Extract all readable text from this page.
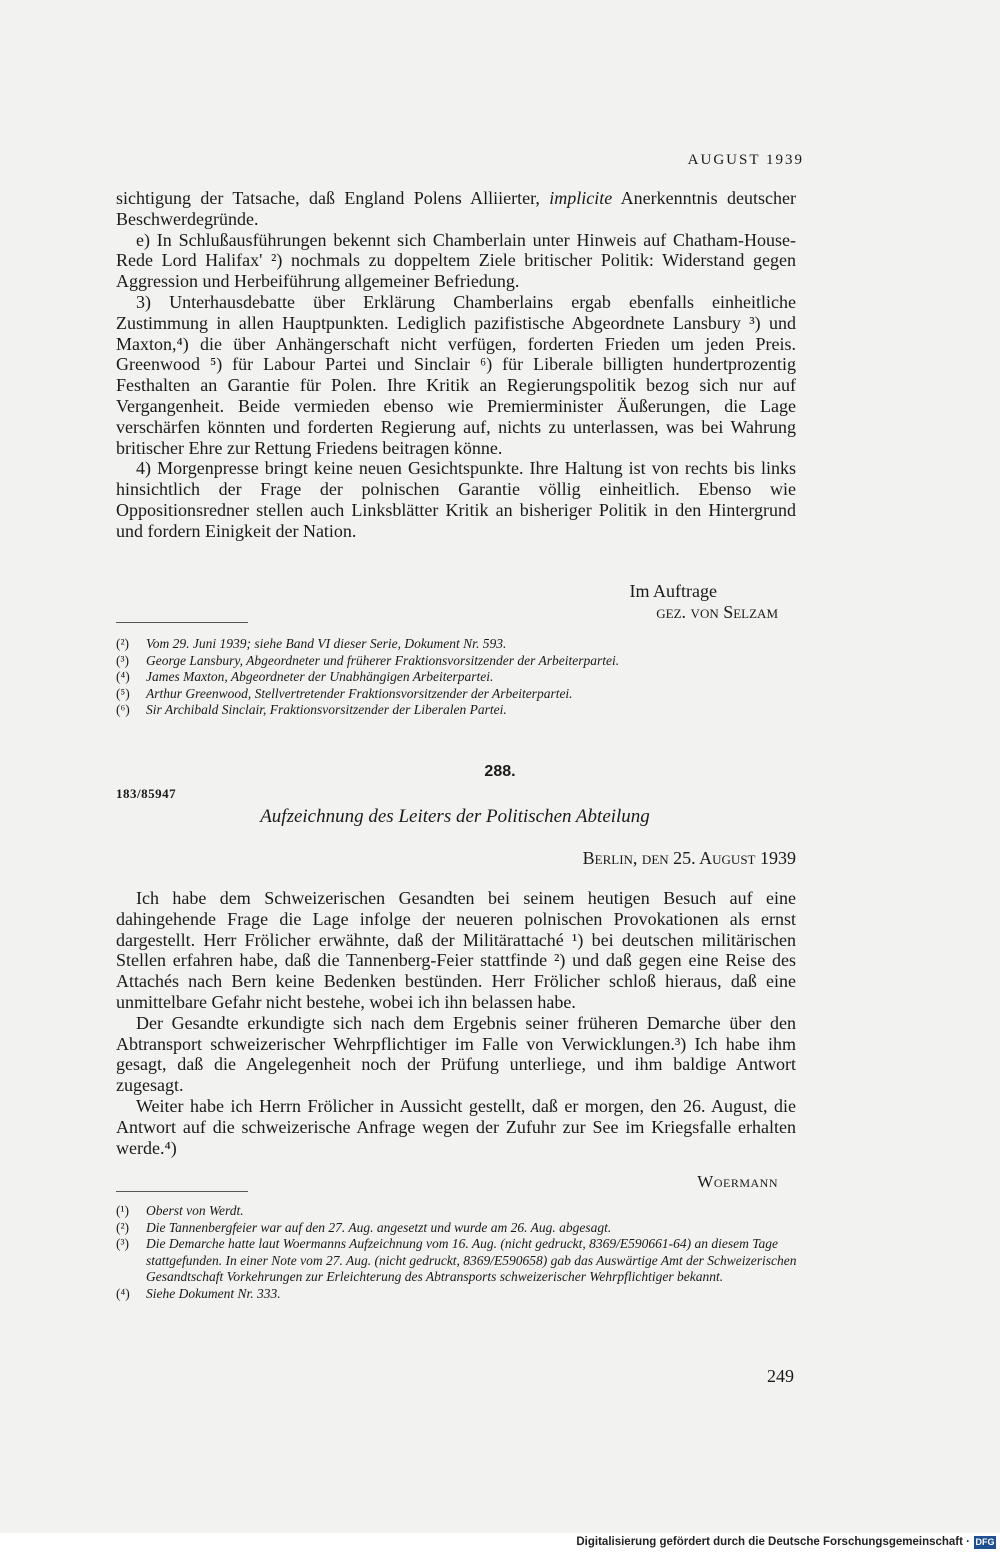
AUGUST 1939

sichtigung der Tatsache, daß England Polens Alliierter, implicite Anerkenntnis deutscher Beschwerdegründe.

e) In Schlußausführungen bekennt sich Chamberlain unter Hinweis auf Chatham-House-Rede Lord Halifax' ²) nochmals zu doppeltem Ziele britischer Politik: Widerstand gegen Aggression und Herbeiführung allgemeiner Befriedung.

3) Unterhausdebatte über Erklärung Chamberlains ergab ebenfalls einheitliche Zustimmung in allen Hauptpunkten. Lediglich pazifistische Abgeordnete Lansbury ³) und Maxton,⁴) die über Anhängerschaft nicht verfügen, forderten Frieden um jeden Preis. Greenwood ⁵) für Labour Partei und Sinclair ⁶) für Liberale billigten hundertprozentig Festhalten an Garantie für Polen. Ihre Kritik an Regierungspolitik bezog sich nur auf Vergangenheit. Beide vermieden ebenso wie Premierminister Äußerungen, die Lage verschärfen könnten und forderten Regierung auf, nichts zu unterlassen, was bei Wahrung britischer Ehre zur Rettung Friedens beitragen könne.

4) Morgenpresse bringt keine neuen Gesichtspunkte. Ihre Haltung ist von rechts bis links hinsichtlich der Frage der polnischen Garantie völlig einheitlich. Ebenso wie Oppositionsredner stellen auch Linksblätter Kritik an bisheriger Politik in den Hintergrund und fordern Einigkeit der Nation.

Im Auftrage
gez. von Selzam
(²)	Vom 29. Juni 1939; siehe Band VI dieser Serie, Dokument Nr. 593.
(³)	George Lansbury, Abgeordneter und früherer Fraktionsvorsitzender der Arbeiterpartei.
(⁴)	James Maxton, Abgeordneter der Unabhängigen Arbeiterpartei.
(⁵)	Arthur Greenwood, Stellvertretender Fraktionsvorsitzender der Arbeiterpartei.
(⁶)	Sir Archibald Sinclair, Fraktionsvorsitzender der Liberalen Partei.
288.
183/85947
Aufzeichnung des Leiters der Politischen Abteilung
Berlin, den 25. August 1939

Ich habe dem Schweizerischen Gesandten bei seinem heutigen Besuch auf eine dahingehende Frage die Lage infolge der neueren polnischen Provokationen als ernst dargestellt. Herr Frölicher erwähnte, daß der Militärattaché ¹) bei deutschen militärischen Stellen erfahren habe, daß die Tannenberg-Feier stattfinde ²) und daß gegen eine Reise des Attachés nach Bern keine Bedenken bestünden. Herr Frölicher schloß hieraus, daß eine unmittelbare Gefahr nicht bestehe, wobei ich ihn belassen habe.

Der Gesandte erkundigte sich nach dem Ergebnis seiner früheren Demarche über den Abtransport schweizerischer Wehrpflichtiger im Falle von Verwicklungen.³) Ich habe ihm gesagt, daß die Angelegenheit noch der Prüfung unterliege, und ihm baldige Antwort zugesagt.

Weiter habe ich Herrn Frölicher in Aussicht gestellt, daß er morgen, den 26. August, die Antwort auf die schweizerische Anfrage wegen der Zufuhr zur See im Kriegsfalle erhalten werde.⁴)

Woermann
(¹)	Oberst von Werdt.
(²)	Die Tannenbergfeier war auf den 27. Aug. angesetzt und wurde am 26. Aug. abgesagt.
(³)	Die Demarche hatte laut Woermanns Aufzeichnung vom 16. Aug. (nicht gedruckt, 8369/E590661-64) an diesem Tage stattgefunden. In einer Note vom 27. Aug. (nicht gedruckt, 8369/E590658) gab das Auswärtige Amt der Schweizerischen Gesandtschaft Vorkehrungen zur Erleichterung des Abtransports schweizerischer Wehrpflichtiger bekannt.
(⁴)	Siehe Dokument Nr. 333.
249
Digitalisierung gefördert durch die Deutsche Forschungsgemeinschaft · DFG
